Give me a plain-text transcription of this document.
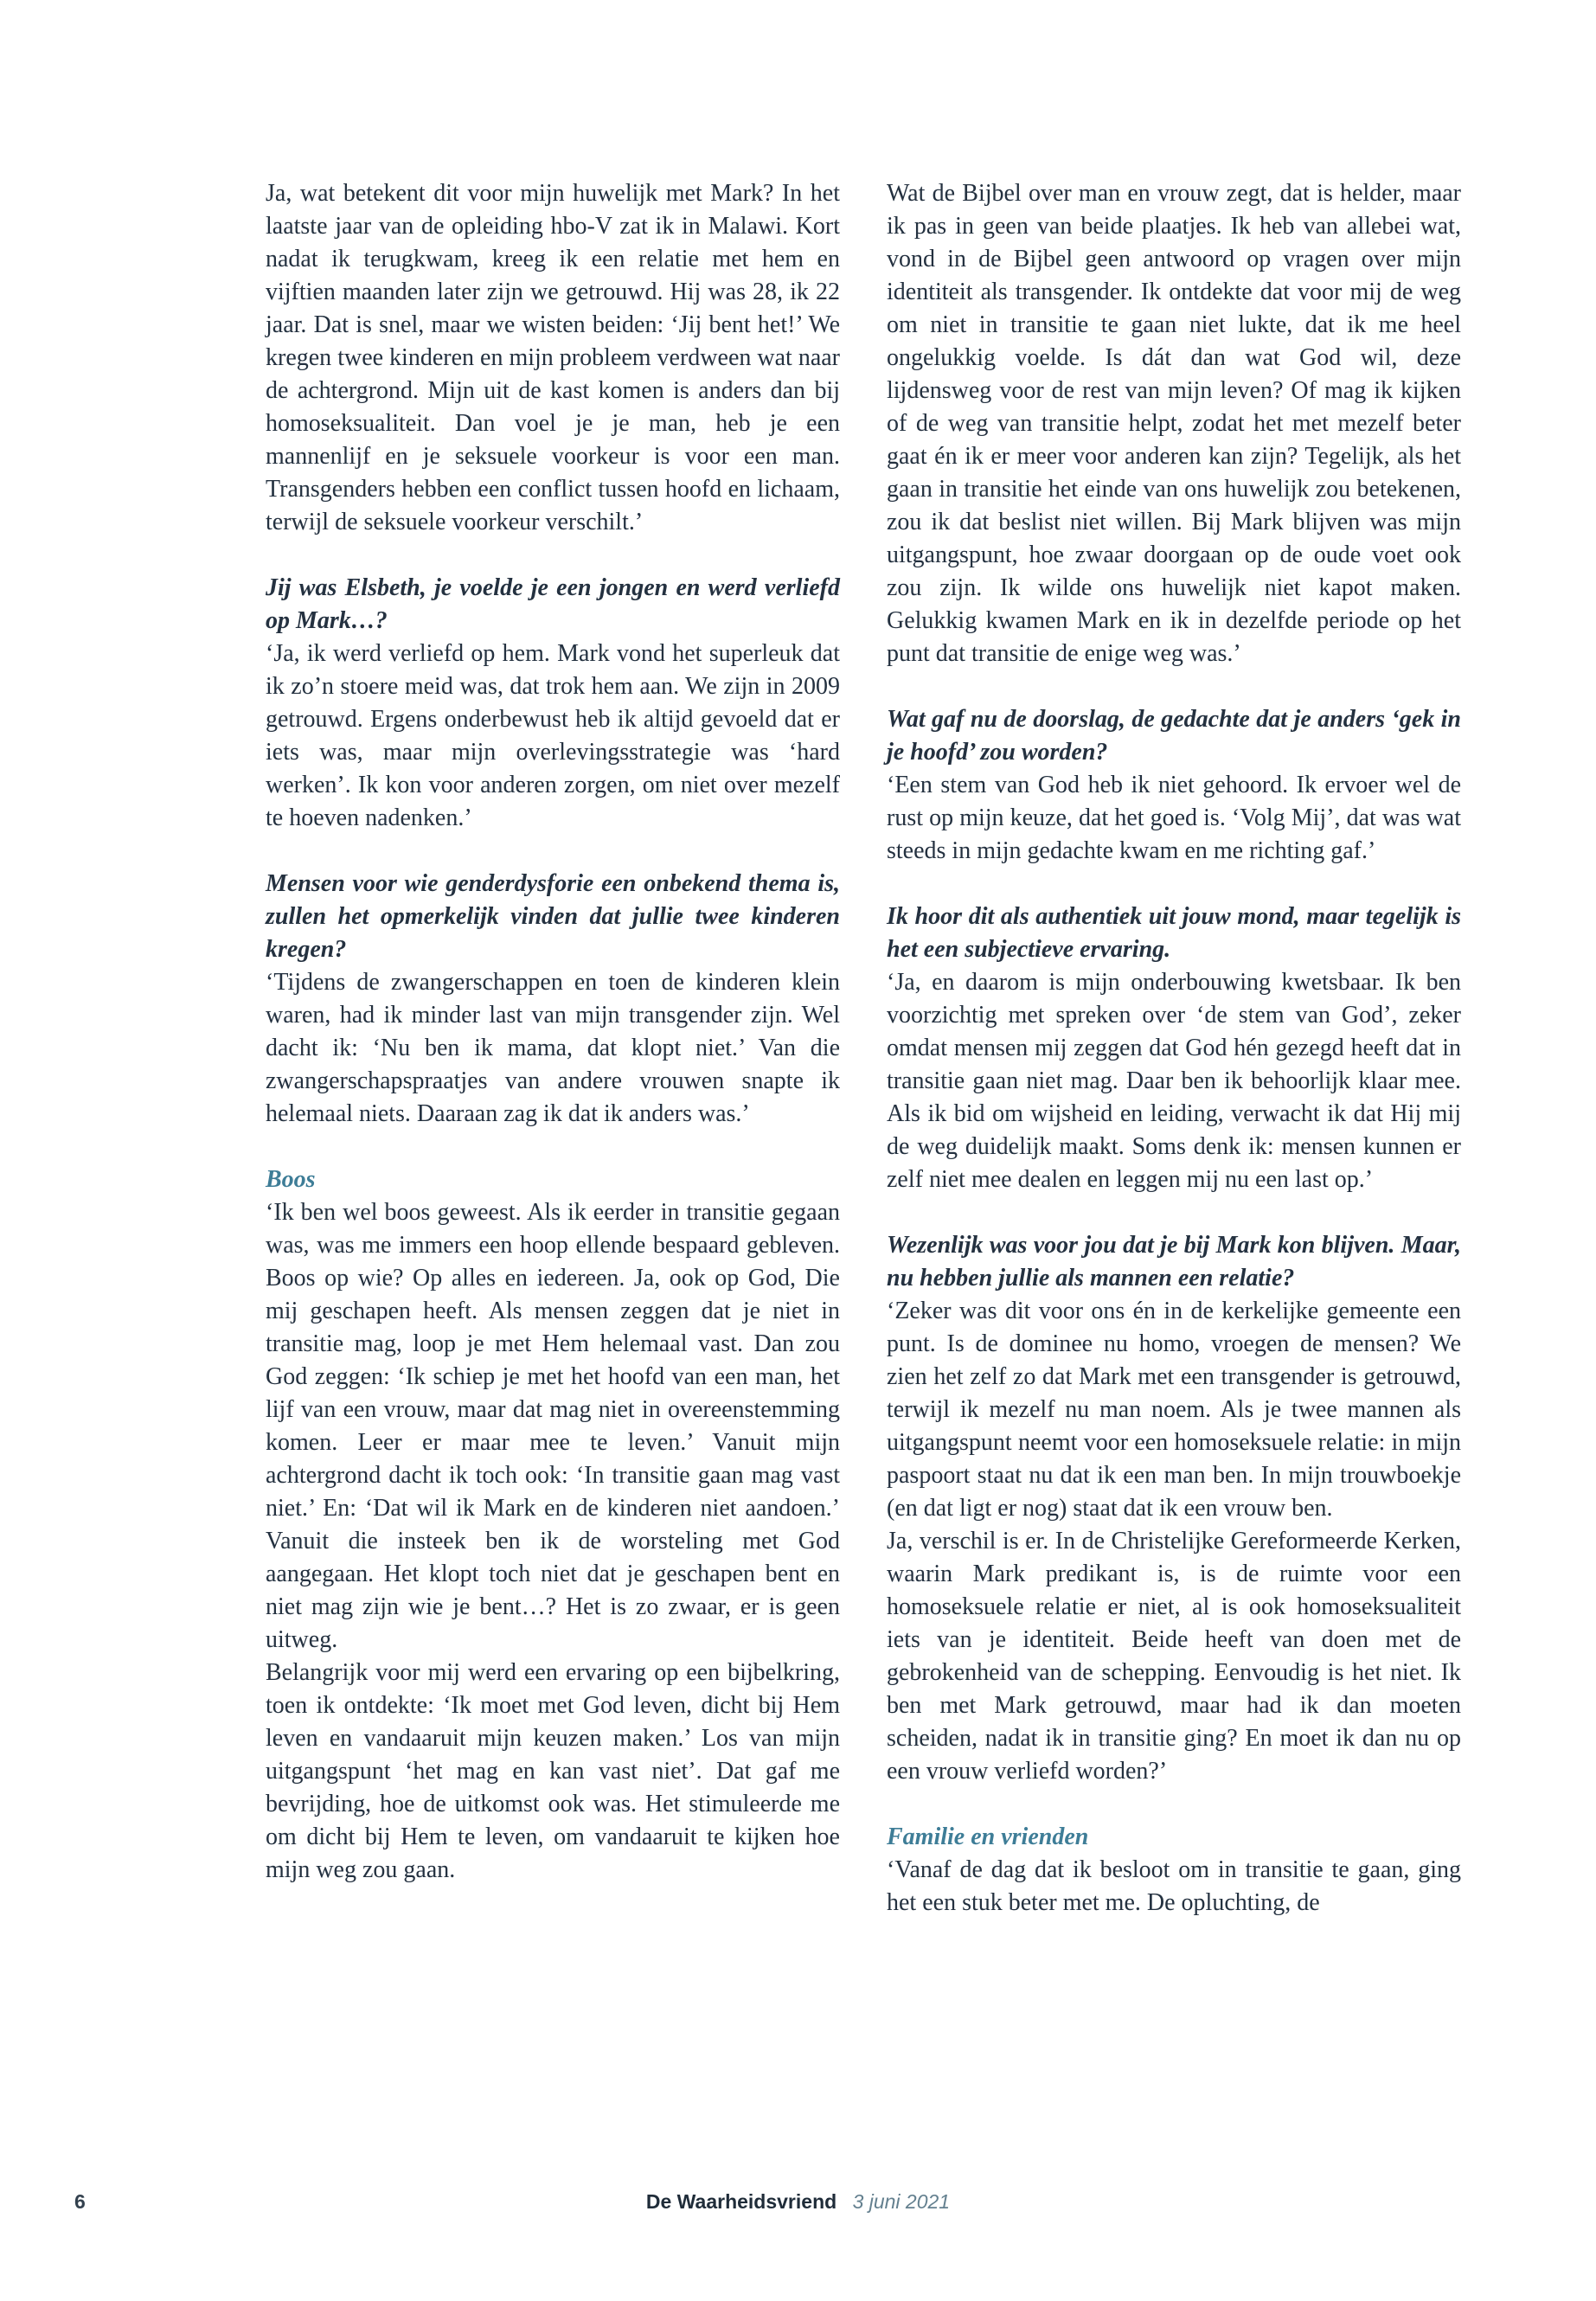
Ja, wat betekent dit voor mijn huwelijk met Mark? In het laatste jaar van de opleiding hbo-V zat ik in Malawi. Kort nadat ik terugkwam, kreeg ik een relatie met hem en vijftien maanden later zijn we getrouwd. Hij was 28, ik 22 jaar. Dat is snel, maar we wisten beiden: ‘Jij bent het!’ We kregen twee kinderen en mijn probleem verdween wat naar de achtergrond. Mijn uit de kast komen is anders dan bij homoseksualiteit. Dan voel je je man, heb je een mannenlijf en je seksuele voorkeur is voor een man. Transgenders hebben een conflict tussen hoofd en lichaam, terwijl de seksuele voorkeur verschilt.’

Jij was Elsbeth, je voelde je een jongen en werd verliefd op Mark…?

‘Ja, ik werd verliefd op hem. Mark vond het superleuk dat ik zo’n stoere meid was, dat trok hem aan. We zijn in 2009 getrouwd. Ergens onderbewust heb ik altijd gevoeld dat er iets was, maar mijn overlevingsstrategie was ‘hard werken’. Ik kon voor anderen zorgen, om niet over mezelf te hoeven nadenken.’

Mensen voor wie genderdysforie een onbekend thema is, zullen het opmerkelijk vinden dat jullie twee kinderen kregen?

‘Tijdens de zwangerschappen en toen de kinderen klein waren, had ik minder last van mijn transgender zijn. Wel dacht ik: ‘Nu ben ik mama, dat klopt niet.’ Van die zwangerschapspraatjes van andere vrouwen snapte ik helemaal niets. Daaraan zag ik dat ik anders was.’

Boos

‘Ik ben wel boos geweest. Als ik eerder in transitie gegaan was, was me immers een hoop ellende bespaard gebleven. Boos op wie? Op alles en iedereen. Ja, ook op God, Die mij geschapen heeft. Als mensen zeggen dat je niet in transitie mag, loop je met Hem helemaal vast. Dan zou God zeggen: ‘Ik schiep je met het hoofd van een man, het lijf van een vrouw, maar dat mag niet in overeenstemming komen. Leer er maar mee te leven.’ Vanuit mijn achtergrond dacht ik toch ook: ‘In transitie gaan mag vast niet.’ En: ‘Dat wil ik Mark en de kinderen niet aandoen.’ Vanuit die insteek ben ik de worsteling met God aangegaan. Het klopt toch niet dat je geschapen bent en niet mag zijn wie je bent…? Het is zo zwaar, er is geen uitweg.

Belangrijk voor mij werd een ervaring op een bijbelkring, toen ik ontdekte: ‘Ik moet met God leven, dicht bij Hem leven en vandaaruit mijn keuzen maken.’ Los van mijn uitgangspunt ‘het mag en kan vast niet’. Dat gaf me bevrijding, hoe de uitkomst ook was. Het stimuleerde me om dicht bij Hem te leven, om vandaaruit te kijken hoe mijn weg zou gaan.

Wat de Bijbel over man en vrouw zegt, dat is helder, maar ik pas in geen van beide plaatjes. Ik heb van allebei wat, vond in de Bijbel geen antwoord op vragen over mijn identiteit als transgender. Ik ontdekte dat voor mij de weg om niet in transitie te gaan niet lukte, dat ik me heel ongelukkig voelde. Is dát dan wat God wil, deze lijdensweg voor de rest van mijn leven? Of mag ik kijken of de weg van transitie helpt, zodat het met mezelf beter gaat én ik er meer voor anderen kan zijn? Tegelijk, als het gaan in transitie het einde van ons huwelijk zou betekenen, zou ik dat beslist niet willen. Bij Mark blijven was mijn uitgangspunt, hoe zwaar doorgaan op de oude voet ook zou zijn. Ik wilde ons huwelijk niet kapot maken. Gelukkig kwamen Mark en ik in dezelfde periode op het punt dat transitie de enige weg was.’

Wat gaf nu de doorslag, de gedachte dat je anders ‘gek in je hoofd’ zou worden?

‘Een stem van God heb ik niet gehoord. Ik ervoer wel de rust op mijn keuze, dat het goed is. ‘Volg Mij’, dat was wat steeds in mijn gedachte kwam en me richting gaf.’

Ik hoor dit als authentiek uit jouw mond, maar tegelijk is het een subjectieve ervaring.

‘Ja, en daarom is mijn onderbouwing kwetsbaar. Ik ben voorzichtig met spreken over ‘de stem van God’, zeker omdat mensen mij zeggen dat God hén gezegd heeft dat in transitie gaan niet mag. Daar ben ik behoorlijk klaar mee. Als ik bid om wijsheid en leiding, verwacht ik dat Hij mij de weg duidelijk maakt. Soms denk ik: mensen kunnen er zelf niet mee dealen en leggen mij nu een last op.’

Wezenlijk was voor jou dat je bij Mark kon blijven. Maar, nu hebben jullie als mannen een relatie?

‘Zeker was dit voor ons én in de kerkelijke gemeente een punt. Is de dominee nu homo, vroegen de mensen? We zien het zelf zo dat Mark met een transgender is getrouwd, terwijl ik mezelf nu man noem. Als je twee mannen als uitgangspunt neemt voor een homoseksuele relatie: in mijn paspoort staat nu dat ik een man ben. In mijn trouwboekje (en dat ligt er nog) staat dat ik een vrouw ben.

Ja, verschil is er. In de Christelijke Gereformeerde Kerken, waarin Mark predikant is, is de ruimte voor een homoseksuele relatie er niet, al is ook homoseksualiteit iets van je identiteit. Beide heeft van doen met de gebrokenheid van de schepping. Eenvoudig is het niet. Ik ben met Mark getrouwd, maar had ik dan moeten scheiden, nadat ik in transitie ging? En moet ik dan nu op een vrouw verliefd worden?’

Familie en vrienden

‘Vanaf de dag dat ik besloot om in transitie te gaan, ging het een stuk beter met me. De opluchting, de

6	De Waarheidsvriend 3 juni 2021
